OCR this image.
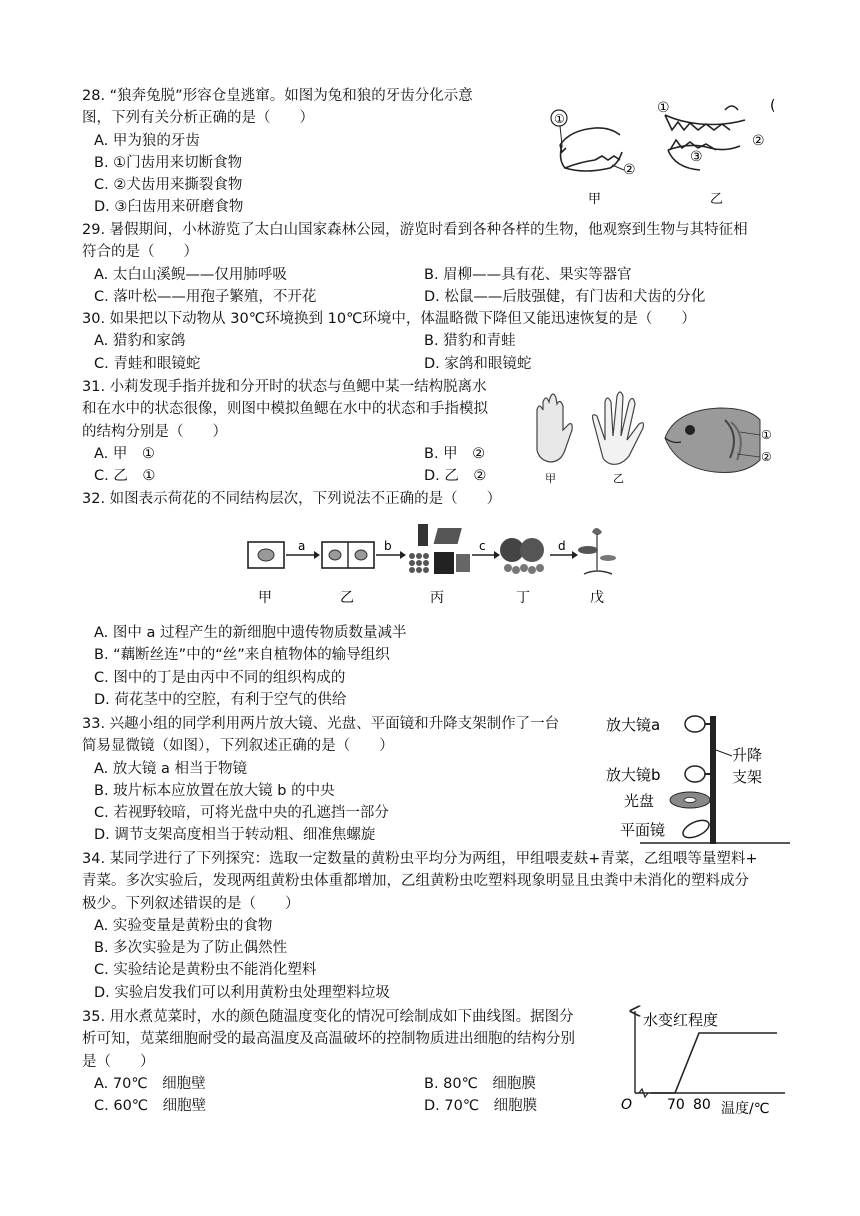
28. “狼奔兔脱”形容仓皇逃窜。如图为兔和狼的牙齿分化示意
图，下列有关分析正确的是（　　）
A. 甲为狼的牙齿
B. ①门齿用来切断食物
C. ②犬齿用来撕裂食物
D. ③臼齿用来研磨食物
①
②
甲
①
②
③
(
乙
29. 暑假期间，小林游览了太白山国家森林公园，游览时看到各种各样的生物，他观察到生物与其特征相
符合的是（　　）
A. 太白山溪鲵——仅用肺呼吸	B. 眉柳——具有花、果实等器官
C. 落叶松——用孢子繁殖，不开花	D. 松鼠——后肢强健，有门齿和犬齿的分化
30. 如果把以下动物从 30℃环境换到 10℃环境中，体温略微下降但又能迅速恢复的是（　　）
A. 猎豹和家鸽	B. 猎豹和青蛙
C. 青蛙和眼镜蛇	D. 家鸽和眼镜蛇
31. 小莉发现手指并拢和分开时的状态与鱼鳃中某一结构脱离水
和在水中的状态很像，则图中模拟鱼鳃在水中的状态和手指模拟
的结构分别是（　　）
A. 甲　①	B. 甲　②
C. 乙　①	D. 乙　②	甲	乙
①
②
32. 如图表示荷花的不同结构层次，下列说法不正确的是（　　）
a	b	c	d
甲	乙	丙	丁	戊
A. 图中 a 过程产生的新细胞中遗传物质数量减半
B. “藕断丝连”中的“丝”来自植物体的输导组织
C. 图中的丁是由丙中不同的组织构成的
D. 荷花茎中的空腔，有利于空气的供给
33. 兴趣小组的同学利用两片放大镜、光盘、平面镜和升降支架制作了一台
简易显微镜（如图），下列叙述正确的是（　　）
A. 放大镜 a 相当于物镜
B. 玻片标本应放置在放大镜 b 的中央
C. 若视野较暗，可将光盘中央的孔遮挡一部分
D. 调节支架高度相当于转动粗、细准焦螺旋
放大镜a
放大镜b
升降
支架
光盘
平面镜
34. 某同学进行了下列探究：选取一定数量的黄粉虫平均分为两组，甲组喂麦麸+青菜，乙组喂等量塑料+
青菜。多次实验后，发现两组黄粉虫体重都增加，乙组黄粉虫吃塑料现象明显且虫粪中未消化的塑料成分
极少。下列叙述错误的是（　　）
A. 实验变量是黄粉虫的食物
B. 多次实验是为了防止偶然性
C. 实验结论是黄粉虫不能消化塑料
D. 实验启发我们可以利用黄粉虫处理塑料垃圾
35. 用水煮苋菜时，水的颜色随温度变化的情况可绘制成如下曲线图。据图分
析可知，苋菜细胞耐受的最高温度及高温破坏的控制物质进出细胞的结构分别
是（　　）
A. 70℃　细胞壁	B. 80℃　细胞膜
C. 60℃　细胞壁	D. 70℃　细胞膜
水变红程度
O	温度/℃
70 80
